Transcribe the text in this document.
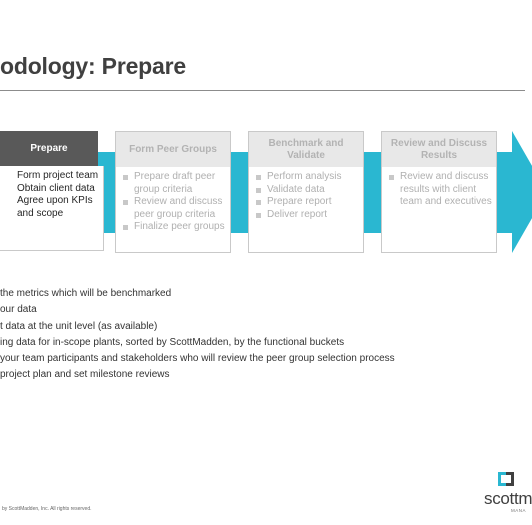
odology: Prepare
Prepare
Form project team
Obtain client data
Agree upon KPIs and scope
Form Peer Groups
Prepare draft peer group criteria
Review and discuss peer group criteria
Finalize peer groups
Benchmark and Validate
Perform analysis
Validate data
Prepare report
Deliver report
Review and Discuss Results
Review and discuss results with client team and executives
the metrics which will be benchmarked
our data
t data at the unit level (as available)
ing data for in-scope plants, sorted by ScottMadden, by the functional buckets
your team participants and stakeholders who will review the peer group selection process
project plan and set milestone reviews
by ScottMadden, Inc. All rights reserved.
scottm
MANA
